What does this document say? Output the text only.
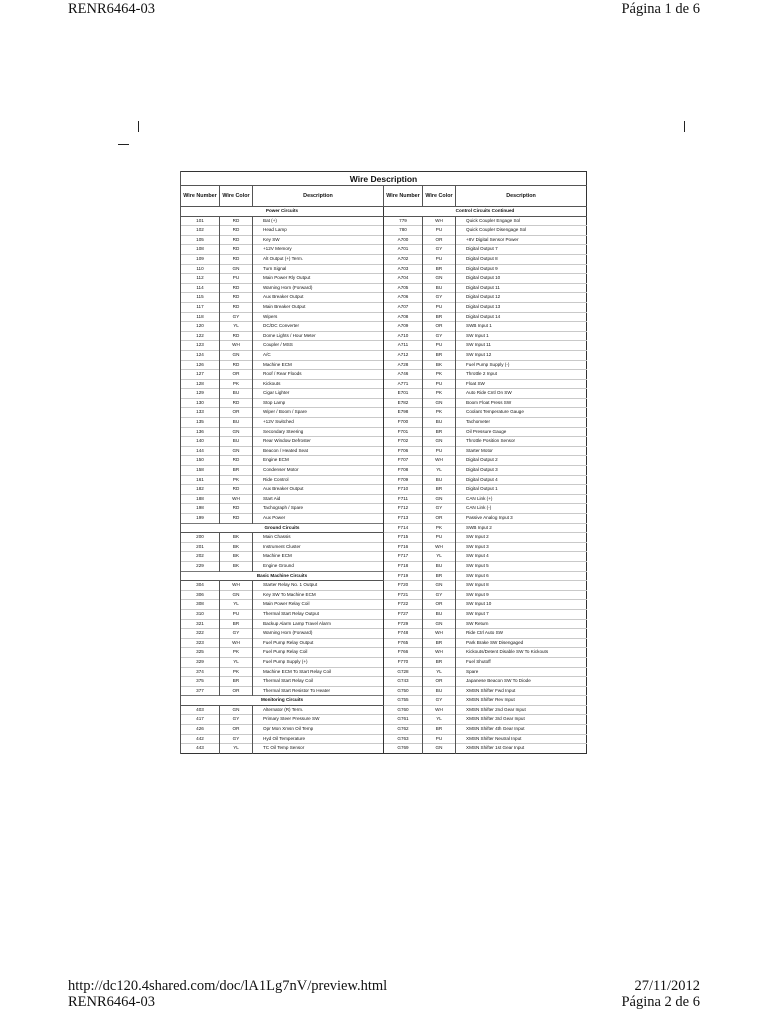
RENR6464-03	Página 1 de 6
Wire Description					
Wire Number	Wire Color	Description	Wire Number	Wire Color	Description
Power Circuits			Control Circuits Continued		
101	RD	Bat (+)	779	WH	Quick Coupler Engage Sol
102	RD	Head Lamp	780	PU	Quick Coupler Disengage Sol
105	RD	Key SW	A700	OR	+8V Digital Sensor Power
108	RD	+12V Memory	A701	GY	Digital Output 7
109	RD	Alt Output (+) Term.	A702	PU	Digital Output 8
110	GN	Turn Signal	A703	BR	Digital Output 9
112	PU	Main Power Rly Output	A704	GN	Digital Output 10
114	RD	Warning Horn (Forward)	A705	BU	Digital Output 11
115	RD	Aux Breaker Output	A706	GY	Digital Output 12
117	RD	Main Breaker Output	A707	PU	Digital Output 13
118	GY	Wipers	A708	BR	Digital Output 14
120	YL	DC/DC Converter	A709	OR	SWB Input 1
122	RD	Dome Lights / Hour Meter	A710	GY	SW Input 1
123	WH	Coupler / MSS	A711	PU	SW Input 11
124	GN	A/C	A712	BR	SW Input 12
126	RD	Machine ECM	A728	BK	Fuel Pump Supply (-)
127	OR	Roof / Rear Floods	A746	PK	Throttle 2 Input
128	PK	Kickouts	A771	PU	Float SW
129	BU	Cigar Lighter	E701	PK	Auto Ride Cntl On SW
130	RD	Stop Lamp	E782	GN	Boom Float Press SW
133	OR	Wiper / Boom / Spare	E798	PK	Coolant Temperature Gauge
135	BU	+12V Switched	F700	BU	Tachometer
136	GN	Secondary Steering	F701	BR	Oil Pressure Gauge
140	BU	Rear Window Defroster	F702	GN	Throttle Position Sensor
144	GN	Beacon / Heated Seat	F706	PU	Starter Motor
150	RD	Engine ECM	F707	WH	Digital Output 2
158	BR	Condenser Motor	F708	YL	Digital Output 3
161	PK	Ride Control	F709	BU	Digital Output 4
182	RD	Aux Breaker Output	F710	BR	Digital Output 1
188	WH	Start Aid	F711	GN	CAN Link (+)
198	RD	Tachograph / Spare	F712	GY	CAN Link (-)
199	RD	Aux Power	F713	OR	Passive Analog Input 3
Ground Circuits			F714	PK	SWB Input 2
200	BK	Main Chassis	F715	PU	SW Input 2
201	BK	Instrument Cluster	F716	WH	SW Input 3
202	BK	Machine ECM	F717	YL	SW Input 4
229	BK	Engine Ground	F718	BU	SW Input 5
Basic Machine Circuits			F719	BR	SW Input 6
304	WH	Starter Relay No. 1 Output	F720	GN	SW Input 8
306	GN	Key SW To Machine ECM	F721	GY	SW Input 9
308	YL	Main Power Relay Coil	F722	OR	SW Input 10
310	PU	Thermal Start Relay Output	F727	BU	SW Input 7
321	BR	Backup Alarm Lamp Travel Alarm	F729	GN	SW Return
322	GY	Warning Horn (Forward)	F748	WH	Ride Ctrl Auto SW
323	WH	Fuel Pump Relay Output	F765	BR	Park Brake SW Disengaged
325	PK	Fuel Pump Relay Coil	F766	WH	Kickouts/Detent Disable SW To Kickouts
329	YL	Fuel Pump Supply (+)	F770	BR	Fuel Shutoff
374	PK	Machine ECM To Start Relay Coil	G728	YL	Spare
375	BR	Thermal Start Relay Coil	G743	OR	Japanese Beacon SW To Diode
377	OR	Thermal Start Resistor To Heater	G750	BU	XMSN Shifter Fwd Input
Monitoring Circuits			G755	GY	XMSN Shifter Rev Input
403	GN	Alternator (R) Term.	G760	WH	XMSN Shifter 2nd Gear Input
417	GY	Primary Steer Pressure SW	G761	YL	XMSN Shifter 3rd Gear Input
426	OR	Opr Mon Xmsn Oil Temp	G762	BR	XMSN Shifter 4th Gear Input
442	GY	Hyd Oil Temperature	G763	PU	XMSN Shifter Neutral Input
443	YL	TC Oil Temp Sensor	G769	GN	XMSN Shifter 1st Gear Input
http://dc120.4shared.com/doc/lA1Lg7nV/preview.html	27/11/2012
RENR6464-03	Página 2 de 6
